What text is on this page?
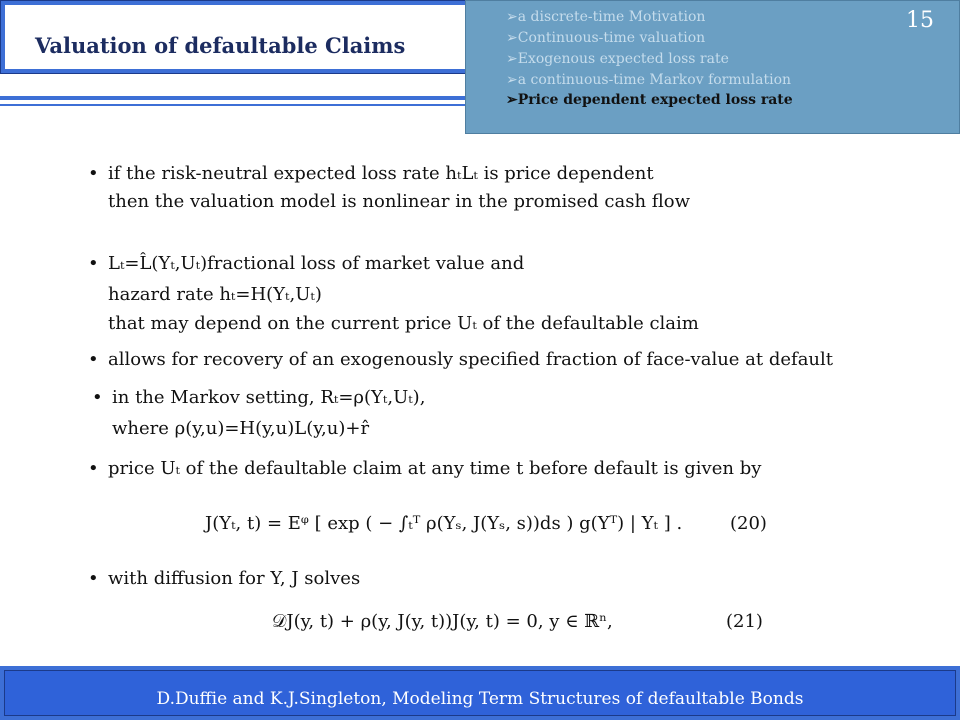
Valuation of defaultable Claims
➢a discrete-time Motivation
➢Continuous-time valuation
➢Exogenous expected loss rate
➢a continuous-time Markov formulation
➢Price dependent expected loss rate
15
• if the risk-neutral expected loss rate hₜLₜ is price dependent
then the valuation model is nonlinear in the promised cash flow
• Lₜ=L̂(Yₜ,Uₜ)fractional loss of market value and
hazard rate hₜ=H(Yₜ,Uₜ)
that may depend on the current price Uₜ of the defaultable claim
• allows for recovery of an exogenously specified fraction of face-value at default
• in the Markov setting, Rₜ=ρ(Yₜ,Uₜ),
where ρ(y,u)=H(y,u)L(y,u)+r̂
• price Uₜ of the defaultable claim at any time t before default is given by
J(Yₜ, t) = Eᵠ [ exp ( − ∫ₜᵀ ρ(Yₛ, J(Yₛ, s))ds ) g(Yᵀ) | Yₜ ] .	(20)
• with diffusion for Y, J solves
𝒟J(y, t) + ρ(y, J(y, t))J(y, t) = 0, y ∈ ℝⁿ,	(21)
D.Duffie and K.J.Singleton, Modeling Term Structures of defaultable Bonds
